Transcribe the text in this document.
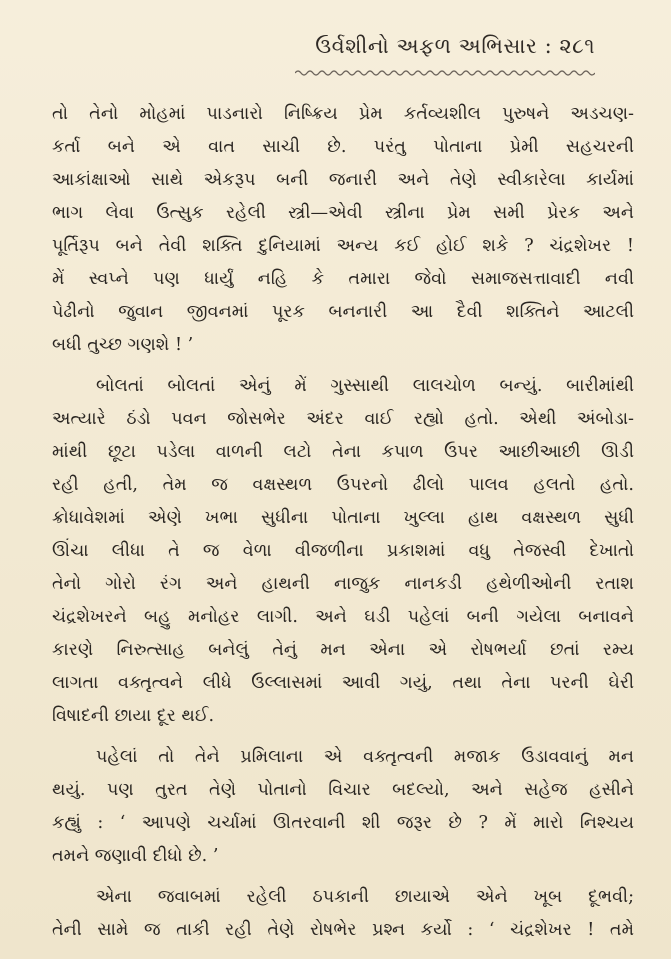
ઉર્વશીનો અફળ અભિસાર : ૨૮૧
તો તેનો મોહમાં પાડનારો નિષ્ક્રિય પ્રેમ કર્તવ્યશીલ પુરુષને અડચણ-
કર્તા બને એ વાત સાચી છે. પરંતુ પોતાના પ્રેમી સહચરની
આકાંક્ષાઓ સાથે એકરૂપ બની જનારી અને તેણે સ્વીકારેલા કાર્યમાં
ભાગ લેવા ઉત્સુક રહેલી સ્ત્રી—એવી સ્ત્રીના પ્રેમ સમી પ્રેરક અને
પૂર્તિરૂપ બને તેવી શક્તિ દુનિયામાં અન્ય કઈ હોઈ શકે ? ચંદ્રશેખર !
મેં સ્વપ્ને પણ ધાર્યું નહિ કે તમારા જેવો સમાજસત્તાવાદી નવી
પેઢીનો જુવાન જીવનમાં પૂરક બનનારી આ દૈવી શક્તિને આટલી
બધી તુચ્છ ગણશે ! ’
બોલતાં બોલતાં એનું મેં ગુસ્સાથી લાલચોળ બન્યું. બારીમાંથી
અત્યારે ઠંડો પવન જોસભેર અંદર વાઈ રહ્યો હતો. એથી અંબોડા-
માંથી છૂટા પડેલા વાળની લટો તેના કપાળ ઉપર આછીઆછી ઊડી
રહી હતી, તેમ જ વક્ષસ્થળ ઉપરનો ઢીલો પાલવ હલતો હતો.
ક્રોધાવેશમાં એણે ખભા સુધીના પોતાના ખુલ્લા હાથ વક્ષસ્થળ સુધી
ઊંચા લીધા તે જ વેળા વીજળીના પ્રકાશમાં વધુ તેજસ્વી દેખાતો
તેનો ગોરો રંગ અને હાથની નાજુક નાનકડી હથેળીઓની રતાશ
ચંદ્રશેખરને બહુ મનોહર લાગી. અને ઘડી પહેલાં બની ગયેલા બનાવને
કારણે નિરુત્સાહ બનેલું તેનું મન એના એ રોષભર્યા છતાં રમ્ય
લાગતા વક્તૃત્વને લીધે ઉલ્લાસમાં આવી ગયું, તથા તેના પરની ઘેરી
વિષાદની છાયા દૂર થઈ.
પહેલાં તો તેને પ્રમિલાના એ વક્તૃત્વની મજાક ઉડાવવાનું મન
થયું. પણ તુરત તેણે પોતાનો વિચાર બદલ્યો, અને સહેજ હસીને
કહ્યું : ‘ આપણે ચર્ચામાં ઊતરવાની શી જરૂર છે ? મેં મારો નિશ્ચય
તમને જણાવી દીધો છે. ’
એના જવાબમાં રહેલી ઠપકાની છાયાએ એને ખૂબ દૂભવી;
તેની સામે જ તાકી રહી તેણે રોષભેર પ્રશ્ન કર્યો : ‘ ચંદ્રશેખર ! તમે
